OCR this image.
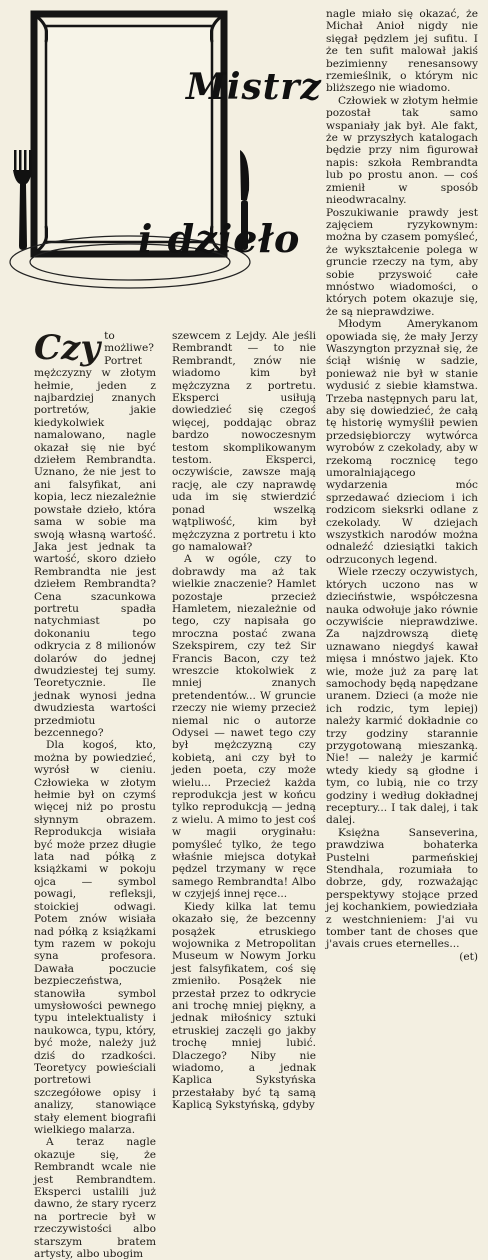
Mistrz
i dzieło

Czy to możliwe? Portret mężczyzny w złotym hełmie, jeden z najbardziej znanych portretów, jakie kiedykolwiek namalowano, nagle okazał się nie być dziełem Rembrandta. Uznano, że nie jest to ani falsyfikat, ani kopia, lecz niezależnie powstałe dzieło, która sama w sobie ma swoją własną wartość. Jaka jest jednak ta wartość, skoro dzieło Rembrandta nie jest dziełem Rembrandta? Cena szacunkowa portretu spadła natychmiast po dokonaniu tego odkrycia z 8 milionów dolarów do jednej dwudziestej tej sumy. Teoretycznie. Ile jednak wynosi jedna dwudziesta wartości przedmiotu bezcennego?

Dla kogoś, kto, można by powiedzieć, wyrósł w cieniu. Człowieka w złotym hełmie był on czymś więcej niż po prostu słynnym obrazem. Reprodukcja wisiała być może przez długie lata nad półką z książkami w pokoju ojca — symbol powagi, refleksji, stoickiej odwagi. Potem znów wisiała nad półką z książkami tym razem w pokoju syna profesora. Dawała poczucie bezpieczeństwa, stanowiła symbol umysłowości pewnego typu intelektualisty i naukowca, typu, który, być może, należy już dziś do rzadkości. Teoretycy powieściali portretowi szczegółowe opisy i analizy, stanowiące stały element biografii wielkiego malarza.

A teraz nagle okazuje się, że Rembrandt wcale nie jest Rembrandtem. Eksperci ustalili już dawno, że stary rycerz na portrecie był w rzeczywistości albo starszym bratem artysty, albo ubogim

szewcem z Lejdy. Ale jeśli Rembrandt — to nie Rembrandt, znów nie wiadomo kim był mężczyzna z portretu. Eksperci usiłują dowiedzieć się czegoś więcej, poddając obraz bardzo nowoczesnym testom skomplikowanym testom. Eksperci, oczywiście, zawsze mają rację, ale czy naprawdę uda im się stwierdzić ponad wszelką wątpliwość, kim był mężczyzna z portretu i kto go namalował?

A w ogóle, czy to dobrawdy ma aż tak wielkie znaczenie? Hamlet pozostaje przecież Hamletem, niezależnie od tego, czy napisała go mroczna postać zwana Szekspirem, czy też Sir Francis Bacon, czy też wreszcie ktokolwiek z mniej znanych pretendentów... W gruncie rzeczy nie wiemy przecież niemal nic o autorze Odysei — nawet tego czy był mężczyzną czy kobietą, ani czy był to jeden poeta, czy może wielu... Przecież każda reprodukcja jest w końcu tylko reprodukcją — jedną z wielu. A mimo to jest coś w magii oryginału: pomyśleć tylko, że tego właśnie miejsca dotykał pędzel trzymany w ręce samego Rembrandta! Albo w czyjejś innej ręce...

Kiedy kilka lat temu okazało się, że bezcenny posążek etruskiego wojownika z Metropolitan Museum w Nowym Jorku jest falsyfikatem, coś się zmieniło. Posążek nie przestał przez to odkrycie ani trochę mniej piękny, a jednak miłośnicy sztuki etruskiej zaczęli go jakby trochę mniej lubić. Dlaczego? Niby nie wiadomo, a jednak Kaplica Sykstyńska przestałaby być tą samą Kaplicą Sykstyńską, gdyby

nagle miało się okazać, że Michał Anioł nigdy nie sięgał pędzlem jej sufitu. I że ten sufit malował jakiś bezimienny renesansowy rzemieślnik, o którym nic bliższego nie wiadomo.

Człowiek w złotym hełmie pozostał tak samo wspaniały jak był. Ale fakt, że w przyszłych katalogach będzie przy nim figurował napis: szkoła Rembrandta lub po prostu anon. — coś zmienił w sposób nieodwracalny. Poszukiwanie prawdy jest zajęciem ryzykownym: można by czasem pomyśleć, że wykształcenie polega w gruncie rzeczy na tym, aby sobie przyswoić całe mnóstwo wiadomości, o których potem okazuje się, że są nieprawdziwe.

Młodym Amerykanom opowiada się, że mały Jerzy Waszyngton przyznał się, że ściął wiśnię w sadzie, ponieważ nie był w stanie wydusić z siebie kłamstwa. Trzeba następnych paru lat, aby się dowiedzieć, że całą tę historię wymyślił pewien przedsiębiorczy wytwórca wyrobów z czekolady, aby w rzekomą rocznicę tego umoralniającego wydarzenia móc sprzedawać dzieciom i ich rodzicom sieksrki odlane z czekolady. W dziejach wszystkich narodów można odnaleźć dziesiątki takich odrzuconych legend.

Wiele rzeczy oczywistych, których uczono nas w dzieciństwie, współczesna nauka odwołuje jako równie oczywiście nieprawdziwe. Za najzdrowszą dietę uznawano niegdyś kawał mięsa i mnóstwo jajek. Kto wie, może już za parę lat samochody będą napędzane uranem. Dzieci (a może nie ich rodzic, tym lepiej) należy karmić dokładnie co trzy godziny starannie przygotowaną mieszanką. Nie! — należy je karmić wtedy kiedy są głodne i tym, co lubią, nie co trzy godziny i według dokładnej receptury... I tak dalej, i tak dalej.

Księżna Sanseverina, prawdziwa bohaterka Pustelni parmeńskiej Stendhala, rozumiała to dobrze, gdy, rozważając perspektywy stojące przed jej kochankiem, powiedziała z westchnieniem: J'ai vu tomber tant de choses que j'avais crues eternelles...

(et)
